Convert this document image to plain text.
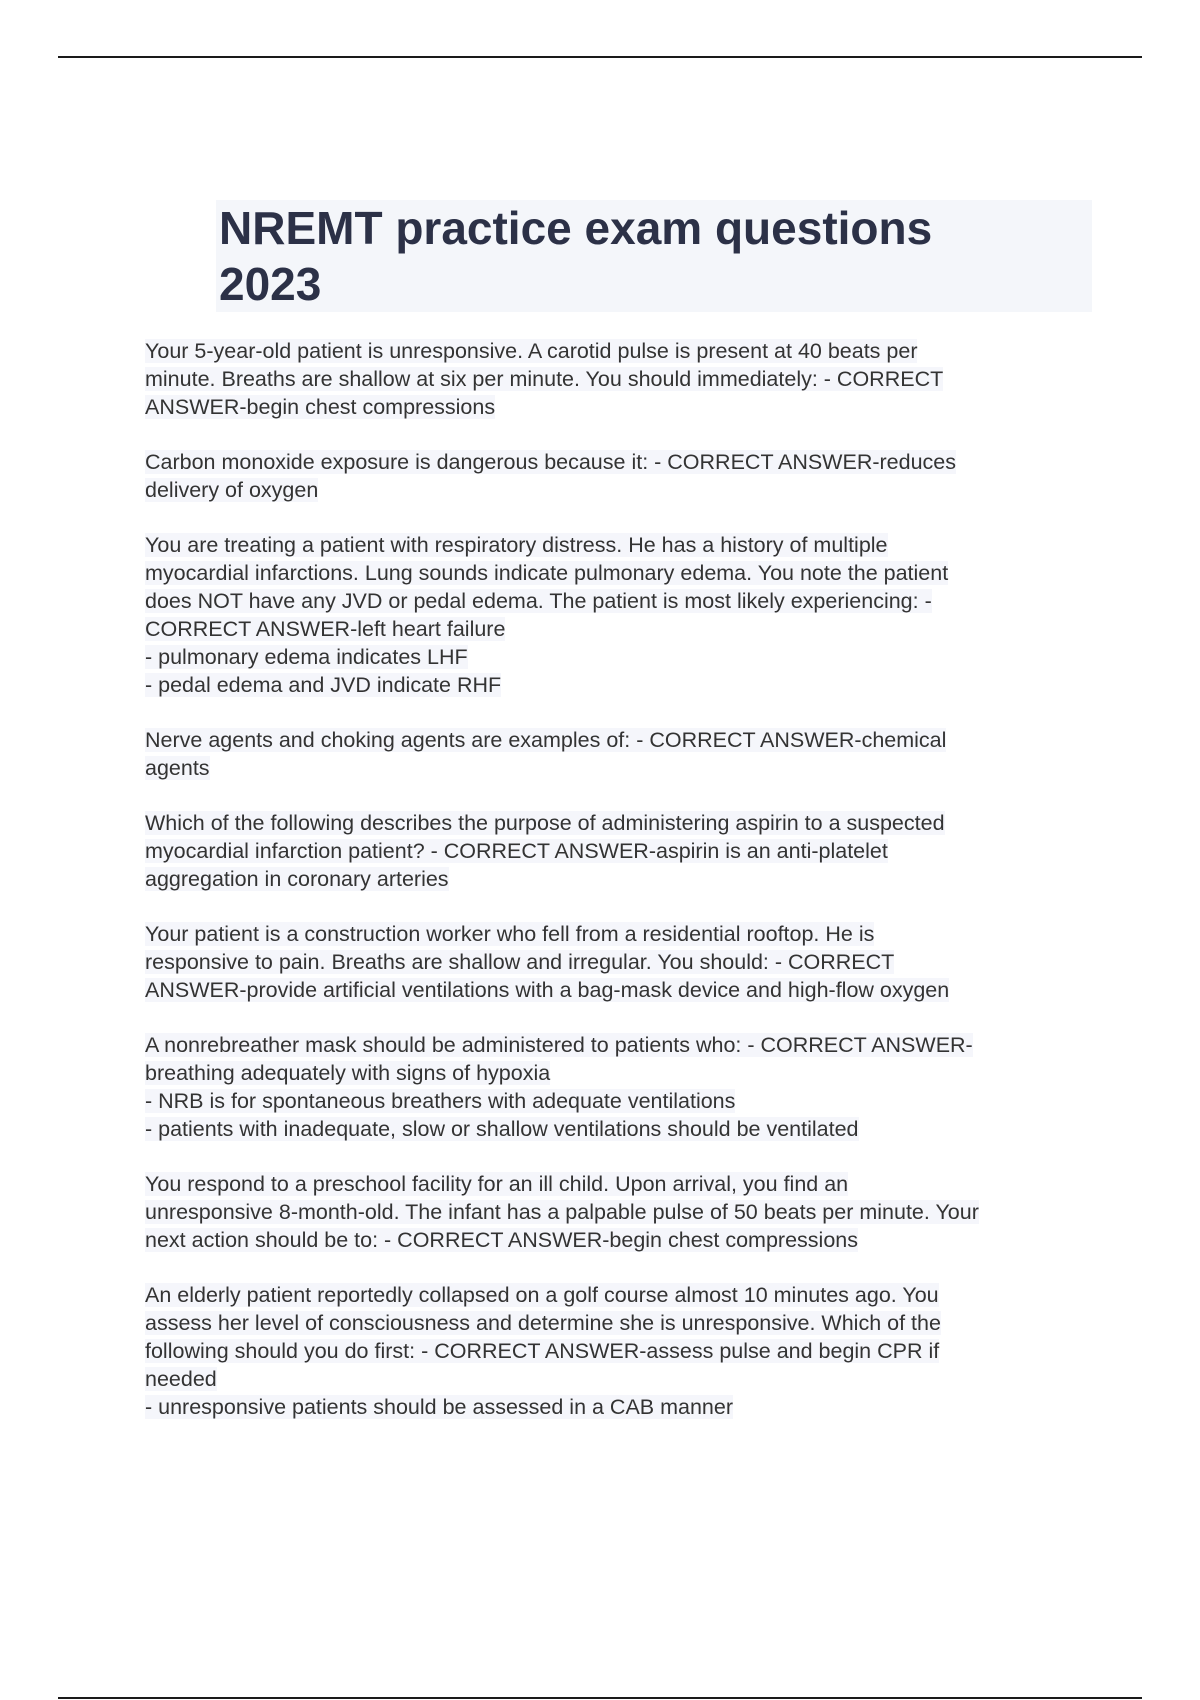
NREMT practice exam questions
2023
Your 5-year-old patient is unresponsive. A carotid pulse is present at 40 beats per
minute. Breaths are shallow at six per minute. You should immediately: - CORRECT
ANSWER-begin chest compressions
Carbon monoxide exposure is dangerous because it: - CORRECT ANSWER-reduces
delivery of oxygen
You are treating a patient with respiratory distress. He has a history of multiple
myocardial infarctions. Lung sounds indicate pulmonary edema. You note the patient
does NOT have any JVD or pedal edema. The patient is most likely experiencing: -
CORRECT ANSWER-left heart failure
- pulmonary edema indicates LHF
- pedal edema and JVD indicate RHF
Nerve agents and choking agents are examples of: - CORRECT ANSWER-chemical
agents
Which of the following describes the purpose of administering aspirin to a suspected
myocardial infarction patient? - CORRECT ANSWER-aspirin is an anti-platelet
aggregation in coronary arteries
Your patient is a construction worker who fell from a residential rooftop. He is
responsive to pain. Breaths are shallow and irregular. You should: - CORRECT
ANSWER-provide artificial ventilations with a bag-mask device and high-flow oxygen
A nonrebreather mask should be administered to patients who: - CORRECT ANSWER-
breathing adequately with signs of hypoxia
- NRB is for spontaneous breathers with adequate ventilations
- patients with inadequate, slow or shallow ventilations should be ventilated
You respond to a preschool facility for an ill child. Upon arrival, you find an
unresponsive 8-month-old. The infant has a palpable pulse of 50 beats per minute. Your
next action should be to: - CORRECT ANSWER-begin chest compressions
An elderly patient reportedly collapsed on a golf course almost 10 minutes ago. You
assess her level of consciousness and determine she is unresponsive. Which of the
following should you do first: - CORRECT ANSWER-assess pulse and begin CPR if
needed
- unresponsive patients should be assessed in a CAB manner
